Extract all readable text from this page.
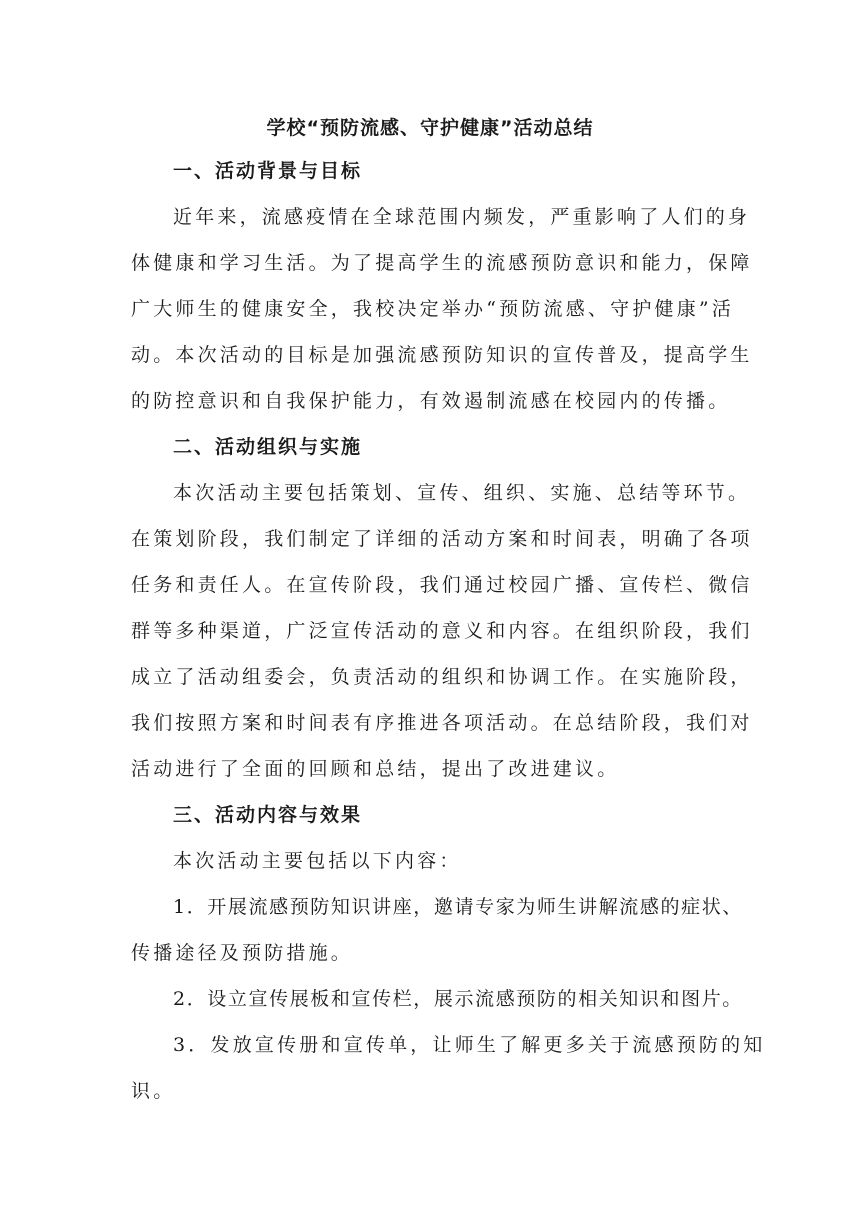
学校“预防流感、守护健康”活动总结
一、活动背景与目标
近年来，流感疫情在全球范围内频发，严重影响了人们的身
体健康和学习生活。为了提高学生的流感预防意识和能力，保障
广大师生的健康安全，我校决定举办“预防流感、守护健康”活
动。本次活动的目标是加强流感预防知识的宣传普及，提高学生
的防控意识和自我保护能力，有效遏制流感在校园内的传播。
二、活动组织与实施
本次活动主要包括策划、宣传、组织、实施、总结等环节。
在策划阶段，我们制定了详细的活动方案和时间表，明确了各项
任务和责任人。在宣传阶段，我们通过校园广播、宣传栏、微信
群等多种渠道，广泛宣传活动的意义和内容。在组织阶段，我们
成立了活动组委会，负责活动的组织和协调工作。在实施阶段，
我们按照方案和时间表有序推进各项活动。在总结阶段，我们对
活动进行了全面的回顾和总结，提出了改进建议。
三、活动内容与效果
本次活动主要包括以下内容：
1．开展流感预防知识讲座，邀请专家为师生讲解流感的症状、
传播途径及预防措施。
2．设立宣传展板和宣传栏，展示流感预防的相关知识和图片。
3．发放宣传册和宣传单，让师生了解更多关于流感预防的知
识。
